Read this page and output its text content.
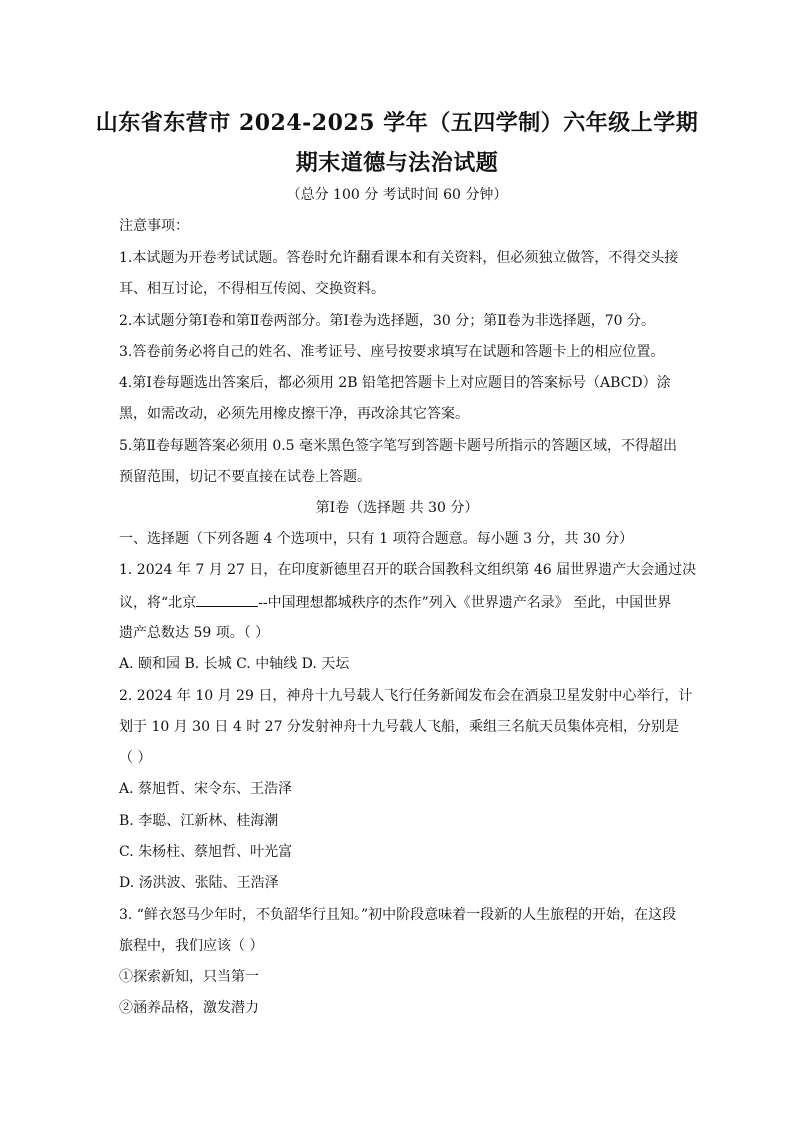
山东省东营市 2024-2025 学年（五四学制）六年级上学期
期末道德与法治试题
（总分 100 分 考试时间 60 分钟）
注意事项：
1.本试题为开卷考试试题。答卷时允许翻看课本和有关资料，但必须独立做答，不得交头接
耳、相互讨论，不得相互传阅、交换资料。
2.本试题分第Ⅰ卷和第Ⅱ卷两部分。第Ⅰ卷为选择题，30 分；第Ⅱ卷为非选择题，70 分。
3.答卷前务必将自己的姓名、准考证号、座号按要求填写在试题和答题卡上的相应位置。
4.第Ⅰ卷每题选出答案后，都必须用 2B 铅笔把答题卡上对应题目的答案标号（ABCD）涂
黑，如需改动，必须先用橡皮擦干净，再改涂其它答案。
5.第Ⅱ卷每题答案必须用 0.5 毫米黑色签字笔写到答题卡题号所指示的答题区域，不得超出
预留范围，切记不要直接在试卷上答题。
第Ⅰ卷（选择题 共 30 分）
一、选择题（下列各题 4 个选项中，只有 1 项符合题意。每小题 3 分，共 30 分）
1. 2024 年 7 月 27 日，在印度新德里召开的联合国教科文组织第 46 届世界遗产大会通过决
议，将“北京	--中国理想都城秩序的杰作”列入《世界遗产名录》 至此，中国世界
遗产总数达 59 项。（ ）
A. 颐和园 B. 长城 C. 中轴线 D. 天坛
2. 2024 年 10 月 29 日，神舟十九号载人飞行任务新闻发布会在酒泉卫星发射中心举行，计
划于 10 月 30 日 4 时 27 分发射神舟十九号载人飞船，乘组三名航天员集体亮相，分别是
（ ）
A. 蔡旭哲、宋令东、王浩泽
B. 李聪、江新林、桂海潮
C. 朱杨柱、蔡旭哲、叶光富
D. 汤洪波、张陆、王浩泽
3. “鲜衣怒马少年时，不负韶华行且知。”初中阶段意味着一段新的人生旅程的开始，在这段
旅程中，我们应该（ ）
①探索新知，只当第一
②涵养品格，激发潜力
